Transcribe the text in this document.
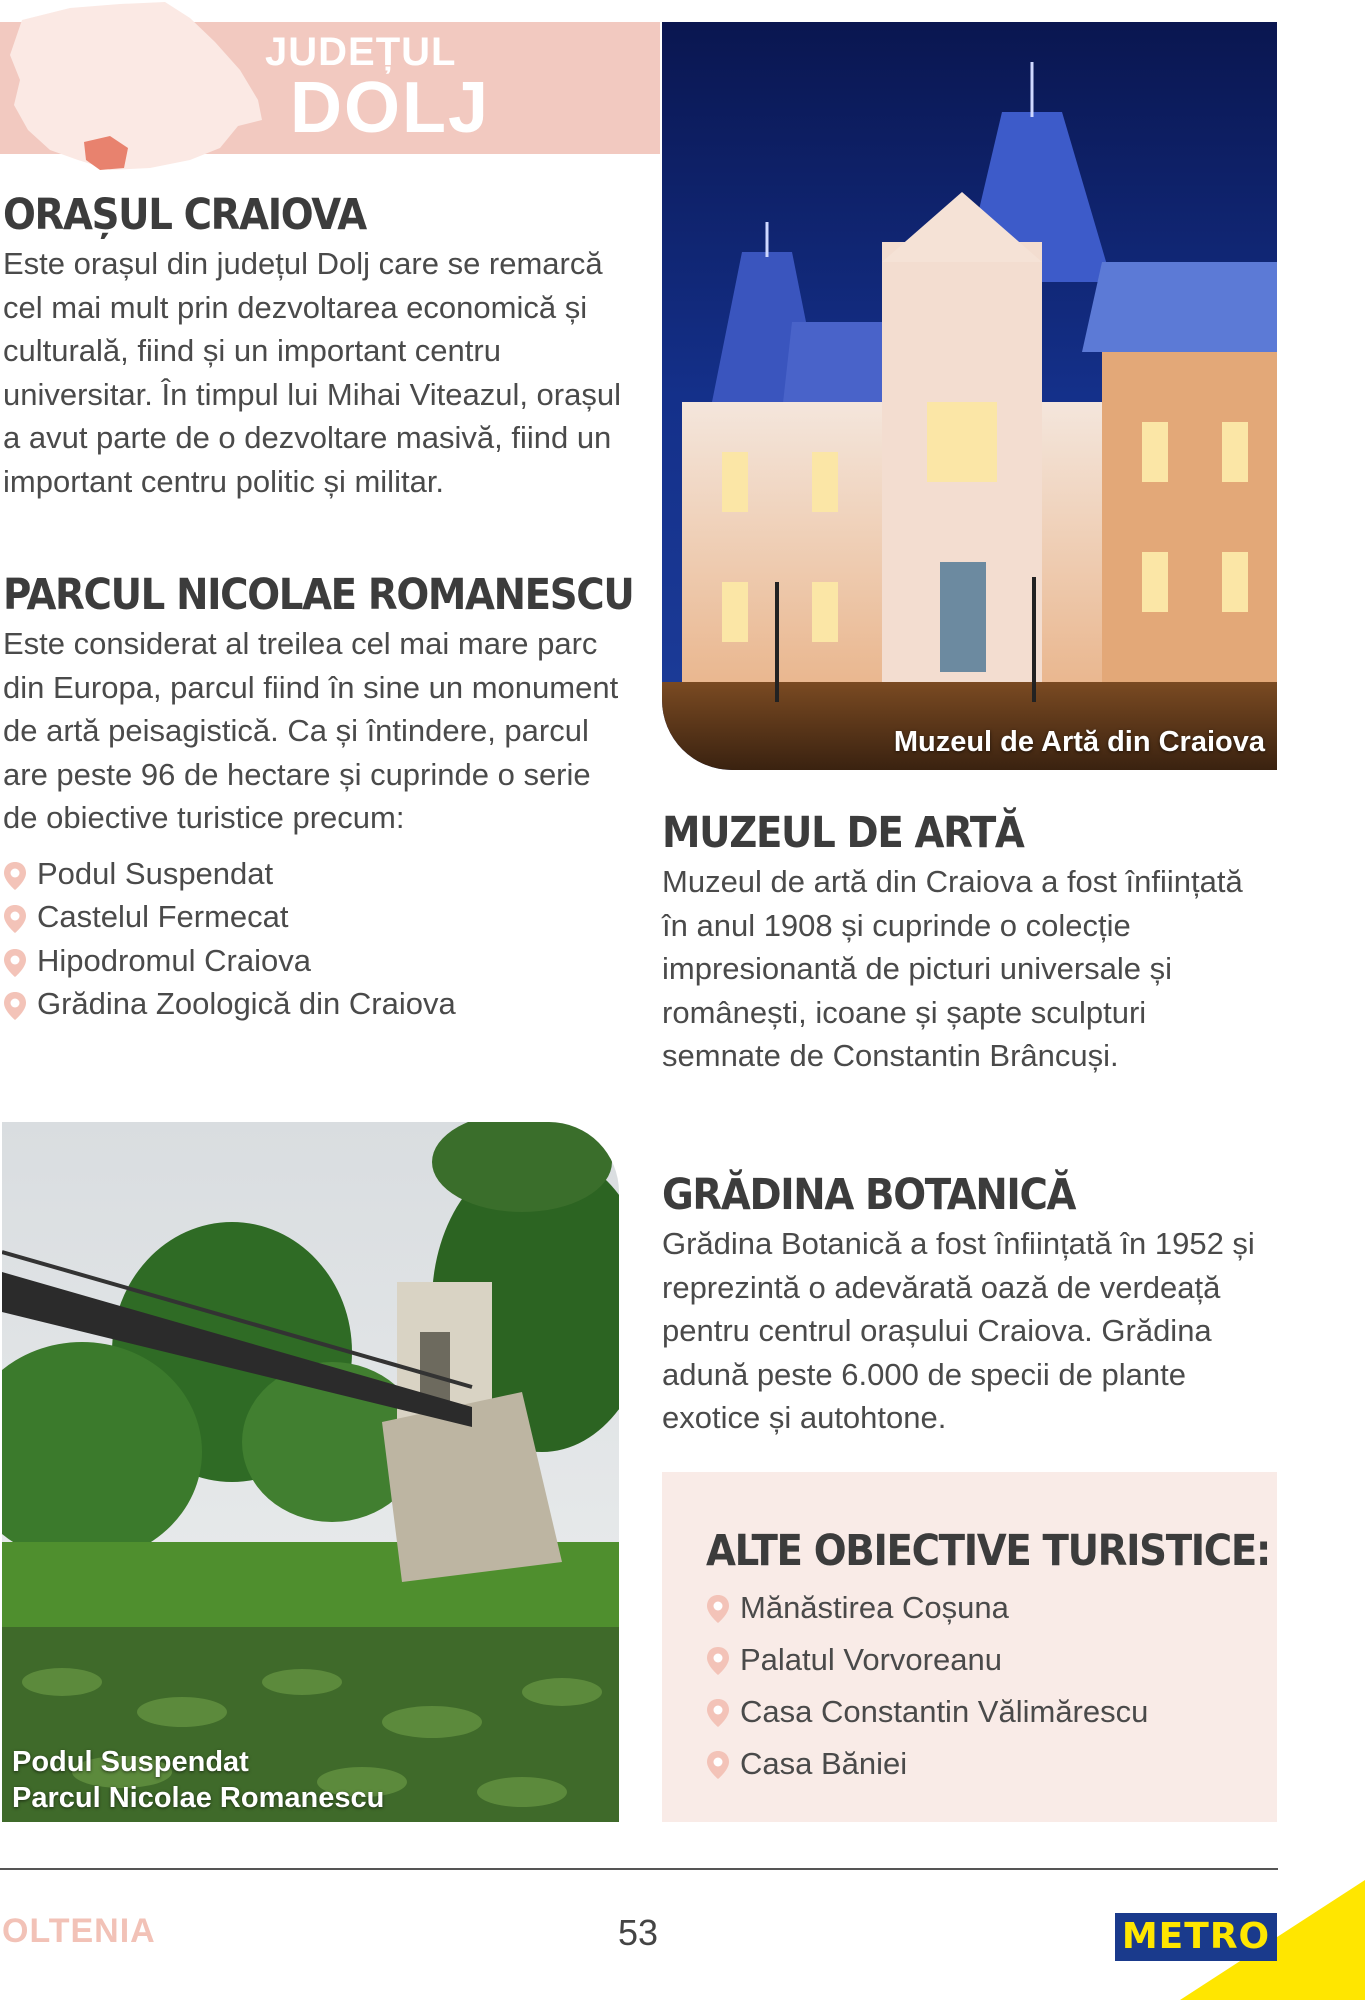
JUDEȚUL
DOLJ
ORAȘUL CRAIOVA

Este orașul din județul Dolj care se remarcă cel mai mult prin dezvoltarea economică și culturală, fiind și un important centru universitar. În timpul lui Mihai Viteazul, orașul a avut parte de o dezvoltare masivă, fiind un important centru politic și militar.

PARCUL NICOLAE ROMANESCU

Este considerat al treilea cel mai mare parc din Europa, parcul fiind în sine un monument de artă peisagistică. Ca și întindere, parcul are peste 96 de hectare și cuprinde o serie de obiective turistice precum:

Podul Suspendat
Castelul Fermecat
Hipodromul Craiova
Grădina Zoologică din Craiova
Muzeul de Artă din Craiova
MUZEUL DE ARTĂ

Muzeul de artă din Craiova a fost înființată în anul 1908 și cuprinde o colecție impresionantă de picturi universale și românești, icoane și șapte sculpturi semnate de Constantin Brâncuși.

GRĂDINA BOTANICĂ

Grădina Botanică a fost înființată în 1952 și reprezintă o adevărată oază de verdeață pentru centrul orașului Craiova. Grădina adună peste 6.000 de specii de plante exotice și autohtone.

Podul Suspendat
Parcul Nicolae Romanescu
ALTE OBIECTIVE TURISTICE:
Mănăstirea Coșuna
Palatul Vorvoreanu
Casa Constantin Vălimărescu
Casa Băniei
OLTENIA	53	METRO
